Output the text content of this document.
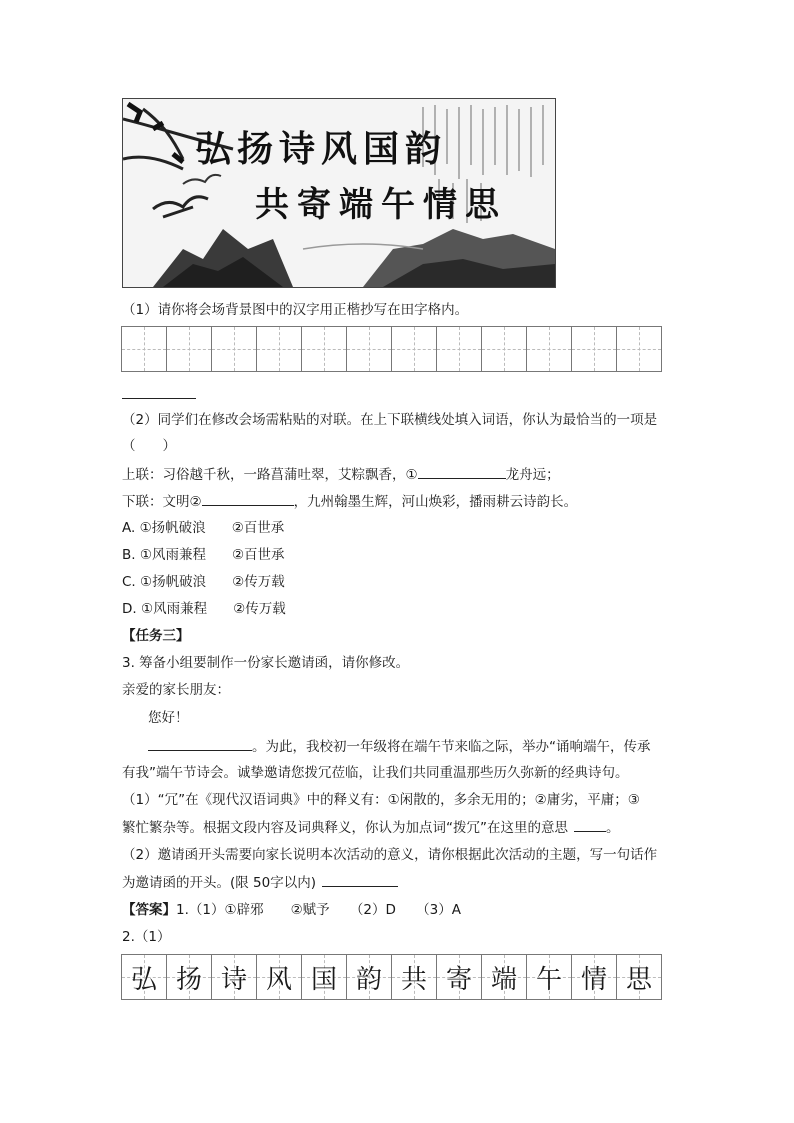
弘扬诗风国韵
共寄端午情思
（1）请你将会场背景图中的汉字用正楷抄写在田字格内。
（2）同学们在修改会场需粘贴的对联。在上下联横线处填入词语，你认为最恰当的一项是
（　　）
上联：习俗越千秋，一路菖蒲吐翠，艾粽飘香，①	龙舟远；
下联：文明②	，九州翰墨生辉，河山焕彩，播雨耕云诗韵长。
A. ①扬帆破浪 ②百世承
B. ①风雨兼程 ②百世承
C. ①扬帆破浪 ②传万载
D. ①风雨兼程 ②传万载
【任务三】
3. 筹备小组要制作一份家长邀请函，请你修改。
亲爱的家长朋友：
您好！
。为此，我校初一年级将在端午节来临之际，举办“诵响端午，传承
有我”端午节诗会。诚挚邀请您拨冗莅临，让我们共同重温那些历久弥新的经典诗句。
（1）“冗”在《现代汉语词典》中的释义有：①闲散的，多余无用的；②庸劣，平庸；③
繁忙繁杂等。根据文段内容及词典释义，你认为加点词“拨冗”在这里的意思	。
（2）邀请函开头需要向家长说明本次活动的意义，请你根据此次活动的主题，写一句话作
为邀请函的开头。(限 50字以内)
【答案】1.（1）①辟邪　　②赋予　　（2）D　　（3）A
2.（1）
弘 扬 诗 风 国 韵 共 寄 端 午 情 思
